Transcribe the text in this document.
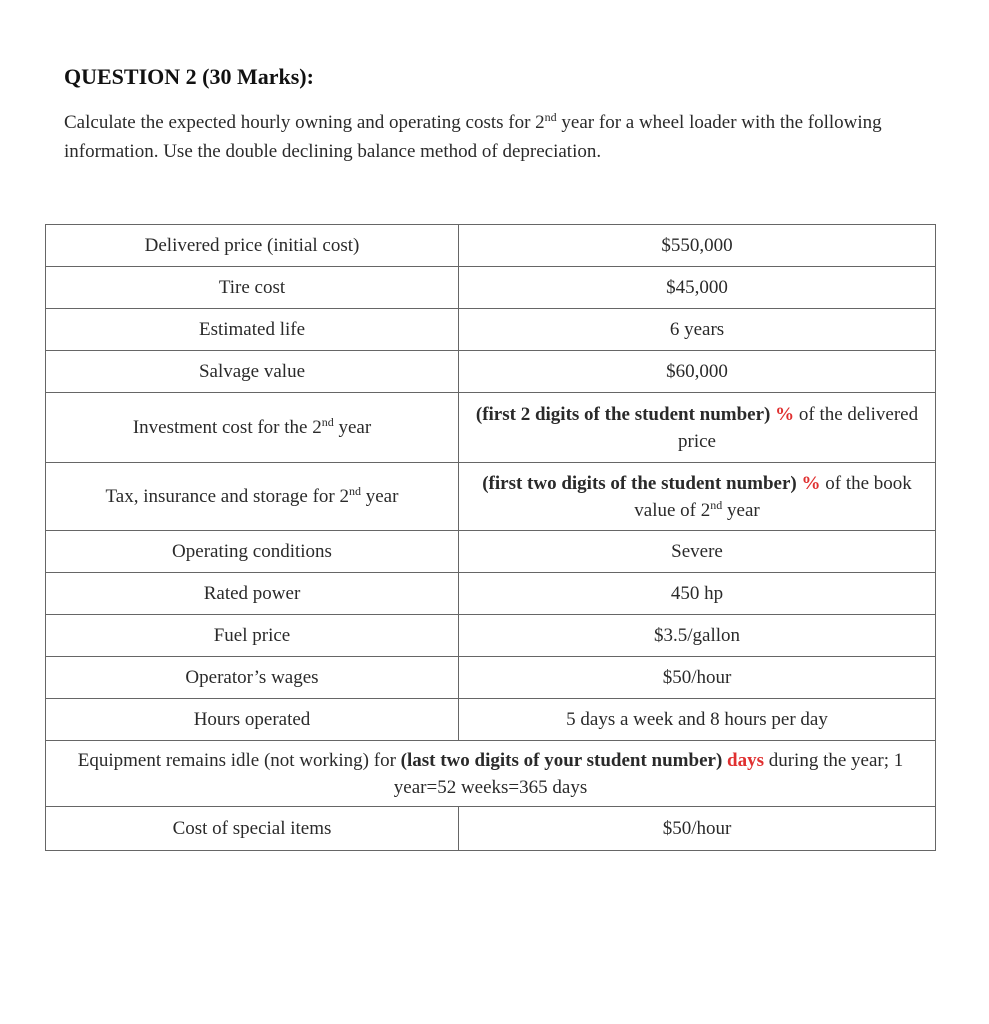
QUESTION 2 (30 Marks):

Calculate the expected hourly owning and operating costs for 2nd year for a wheel loader with the following information. Use the double declining balance method of depreciation.

Delivered price (initial cost)	$550,000
Tire cost	$45,000
Estimated life	6 years
Salvage value	$60,000
Investment cost for the 2nd year	(first 2 digits of the student number) % of the delivered price
Tax, insurance and storage for 2nd year	(first two digits of the student number) % of the book value of 2nd year
Operating conditions	Severe
Rated power	450 hp
Fuel price	$3.5/gallon
Operator’s wages	$50/hour
Hours operated	5 days a week and 8 hours per day
Equipment remains idle (not working) for (last two digits of your student number) days during the year; 1 year=52 weeks=365 days	
Cost of special items	$50/hour
